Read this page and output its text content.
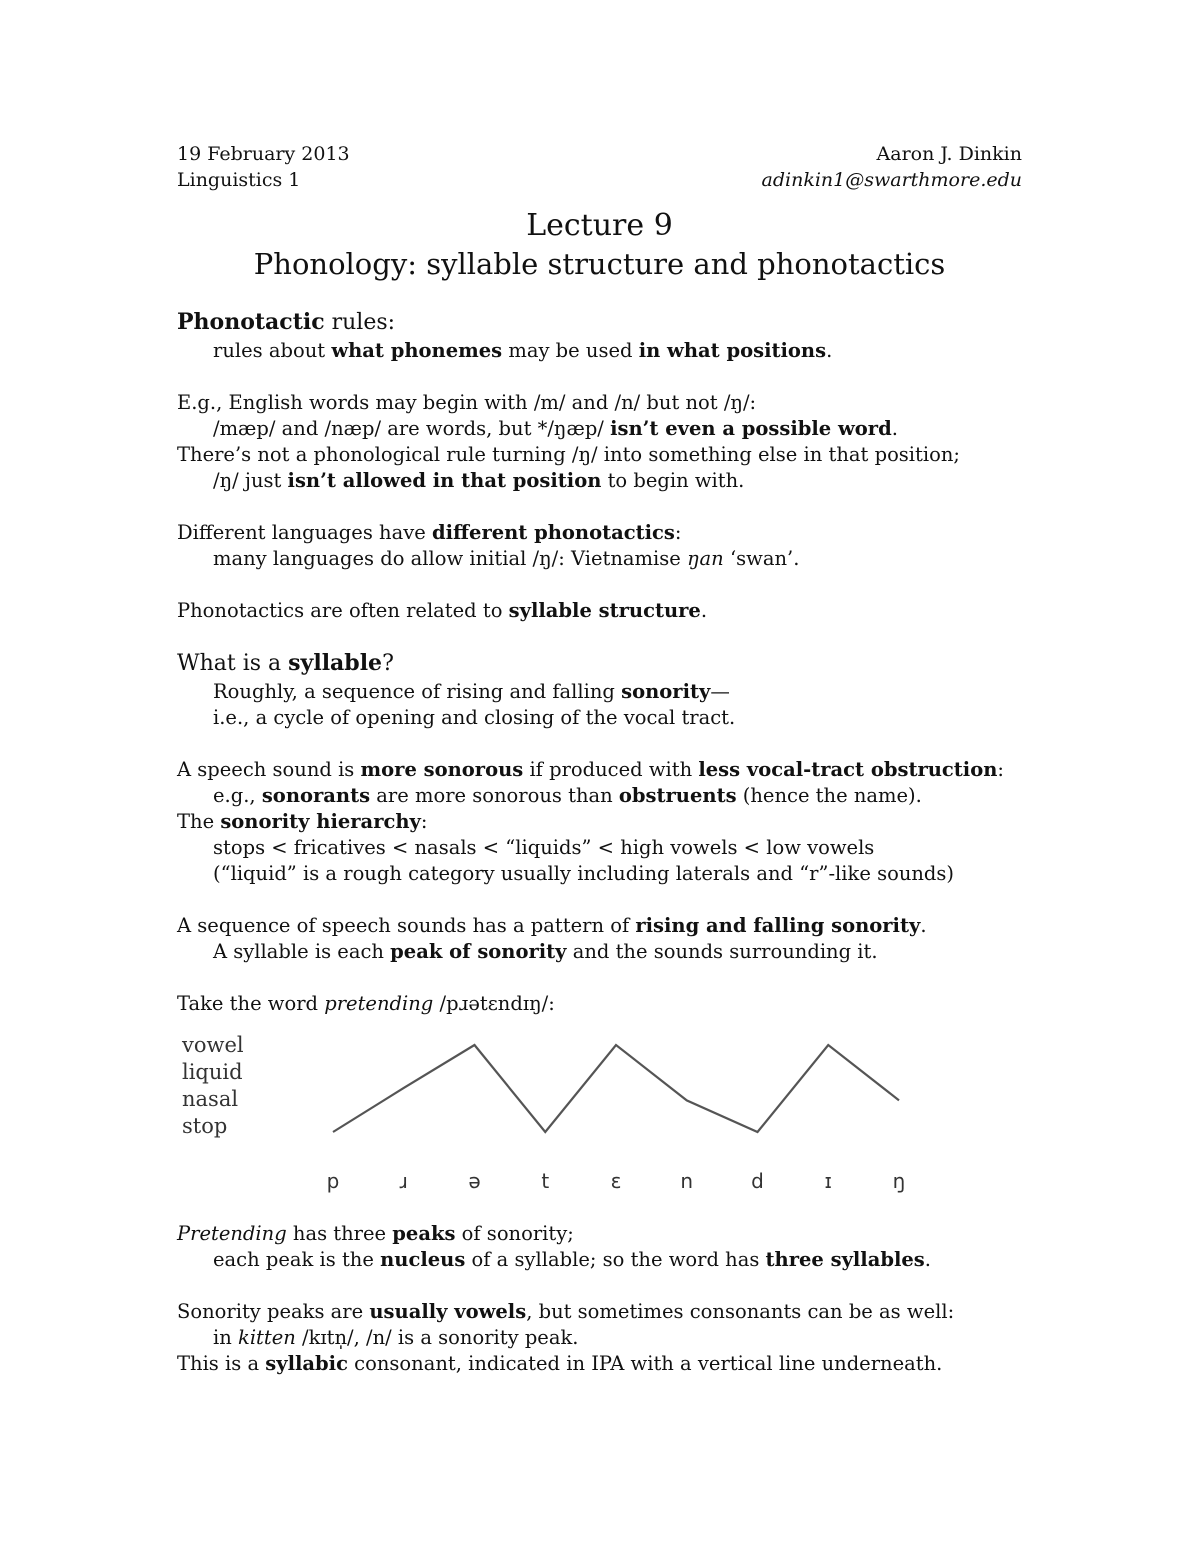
19 February 2013
Linguistics 1
Aaron J. Dinkin
adinkin1@swarthmore.edu
Lecture 9
Phonology: syllable structure and phonotactics
Phonotactic rules:
rules about what phonemes may be used in what positions.
E.g., English words may begin with /m/ and /n/ but not /ŋ/:
/mæp/ and /næp/ are words, but */ŋæp/ isn’t even a possible word.
There’s not a phonological rule turning /ŋ/ into something else in that position;
/ŋ/ just isn’t allowed in that position to begin with.
Different languages have different phonotactics:
many languages do allow initial /ŋ/: Vietnamise ŋan ‘swan’.
Phonotactics are often related to syllable structure.
What is a syllable?
Roughly, a sequence of rising and falling sonority—
i.e., a cycle of opening and closing of the vocal tract.
A speech sound is more sonorous if produced with less vocal-tract obstruction:
e.g., sonorants are more sonorous than obstruents (hence the name).
The sonority hierarchy:
stops < fricatives < nasals < “liquids” < high vowels < low vowels
(“liquid” is a rough category usually including laterals and “r”-like sounds)
A sequence of speech sounds has a pattern of rising and falling sonority.
A syllable is each peak of sonority and the sounds surrounding it.
Take the word pretending /pɹətɛndɪŋ/:
vowel
liquid
nasal
stop
p	ɹ	ə	t	ɛ	n	d	ɪ	ŋ
Pretending has three peaks of sonority;
each peak is the nucleus of a syllable; so the word has three syllables.
Sonority peaks are usually vowels, but sometimes consonants can be as well:
in kitten /kɪtn̩/, /n/ is a sonority peak.
This is a syllabic consonant, indicated in IPA with a vertical line underneath.
